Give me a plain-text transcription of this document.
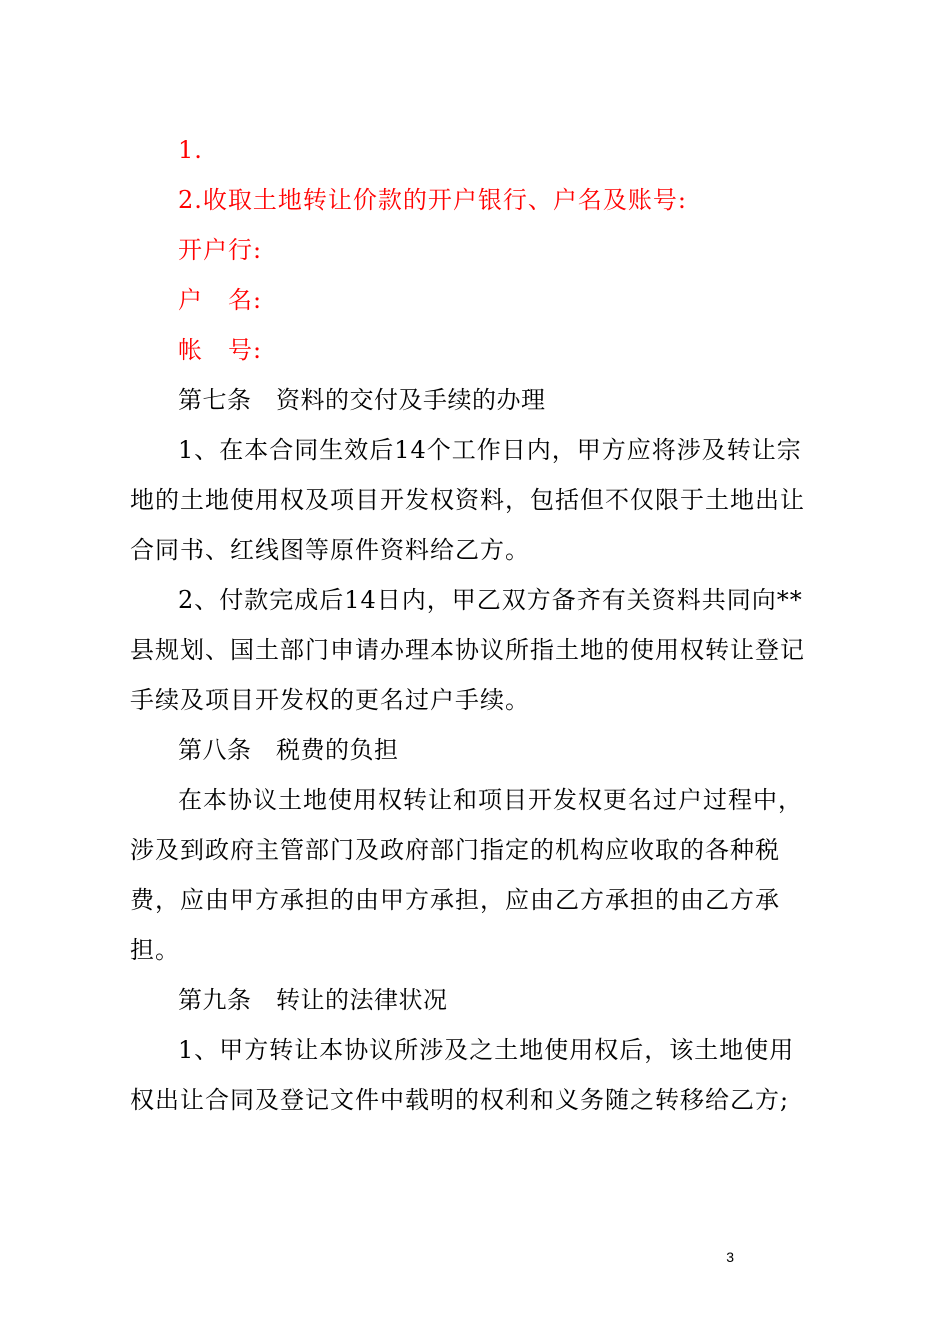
1.
2.收取土地转让价款的开户银行、户名及账号:
开户行:
户　名:
帐　号:
第七条　资料的交付及手续的办理
1、在本合同生效后14个工作日内，甲方应将涉及转让宗
地的土地使用权及项目开发权资料，包括但不仅限于土地出让
合同书、红线图等原件资料给乙方。
2、付款完成后14日内，甲乙双方备齐有关资料共同向**
县规划、国土部门申请办理本协议所指土地的使用权转让登记
手续及项目开发权的更名过户手续。
第八条　税费的负担
在本协议土地使用权转让和项目开发权更名过户过程中，
涉及到政府主管部门及政府部门指定的机构应收取的各种税
费，应由甲方承担的由甲方承担，应由乙方承担的由乙方承
担。
第九条　转让的法律状况
1、甲方转让本协议所涉及之土地使用权后，该土地使用
权出让合同及登记文件中载明的权利和义务随之转移给乙方;
3
